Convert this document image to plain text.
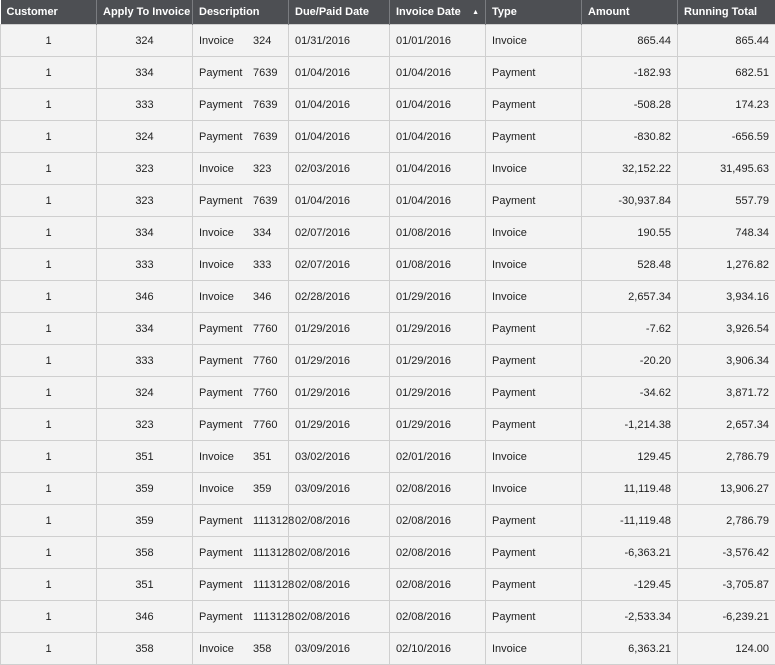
Customer	Apply To Invoice	Description	Due/Paid Date	Invoice Date ▲	Type	Amount	Running Total
1	324	Invoice 324	01/31/2016	01/01/2016	Invoice	865.44	865.44
1	334	Payment 7639	01/04/2016	01/04/2016	Payment	-182.93	682.51
1	333	Payment 7639	01/04/2016	01/04/2016	Payment	-508.28	174.23
1	324	Payment 7639	01/04/2016	01/04/2016	Payment	-830.82	-656.59
1	323	Invoice 323	02/03/2016	01/04/2016	Invoice	32,152.22	31,495.63
1	323	Payment 7639	01/04/2016	01/04/2016	Payment	-30,937.84	557.79
1	334	Invoice 334	02/07/2016	01/08/2016	Invoice	190.55	748.34
1	333	Invoice 333	02/07/2016	01/08/2016	Invoice	528.48	1,276.82
1	346	Invoice 346	02/28/2016	01/29/2016	Invoice	2,657.34	3,934.16
1	334	Payment 7760	01/29/2016	01/29/2016	Payment	-7.62	3,926.54
1	333	Payment 7760	01/29/2016	01/29/2016	Payment	-20.20	3,906.34
1	324	Payment 7760	01/29/2016	01/29/2016	Payment	-34.62	3,871.72
1	323	Payment 7760	01/29/2016	01/29/2016	Payment	-1,214.38	2,657.34
1	351	Invoice 351	03/02/2016	02/01/2016	Invoice	129.45	2,786.79
1	359	Invoice 359	03/09/2016	02/08/2016	Invoice	11,119.48	13,906.27
1	359	Payment 1113128	02/08/2016	02/08/2016	Payment	-11,119.48	2,786.79
1	358	Payment 1113128	02/08/2016	02/08/2016	Payment	-6,363.21	-3,576.42
1	351	Payment 1113128	02/08/2016	02/08/2016	Payment	-129.45	-3,705.87
1	346	Payment 1113128	02/08/2016	02/08/2016	Payment	-2,533.34	-6,239.21
1	358	Invoice 358	03/09/2016	02/10/2016	Invoice	6,363.21	124.00
